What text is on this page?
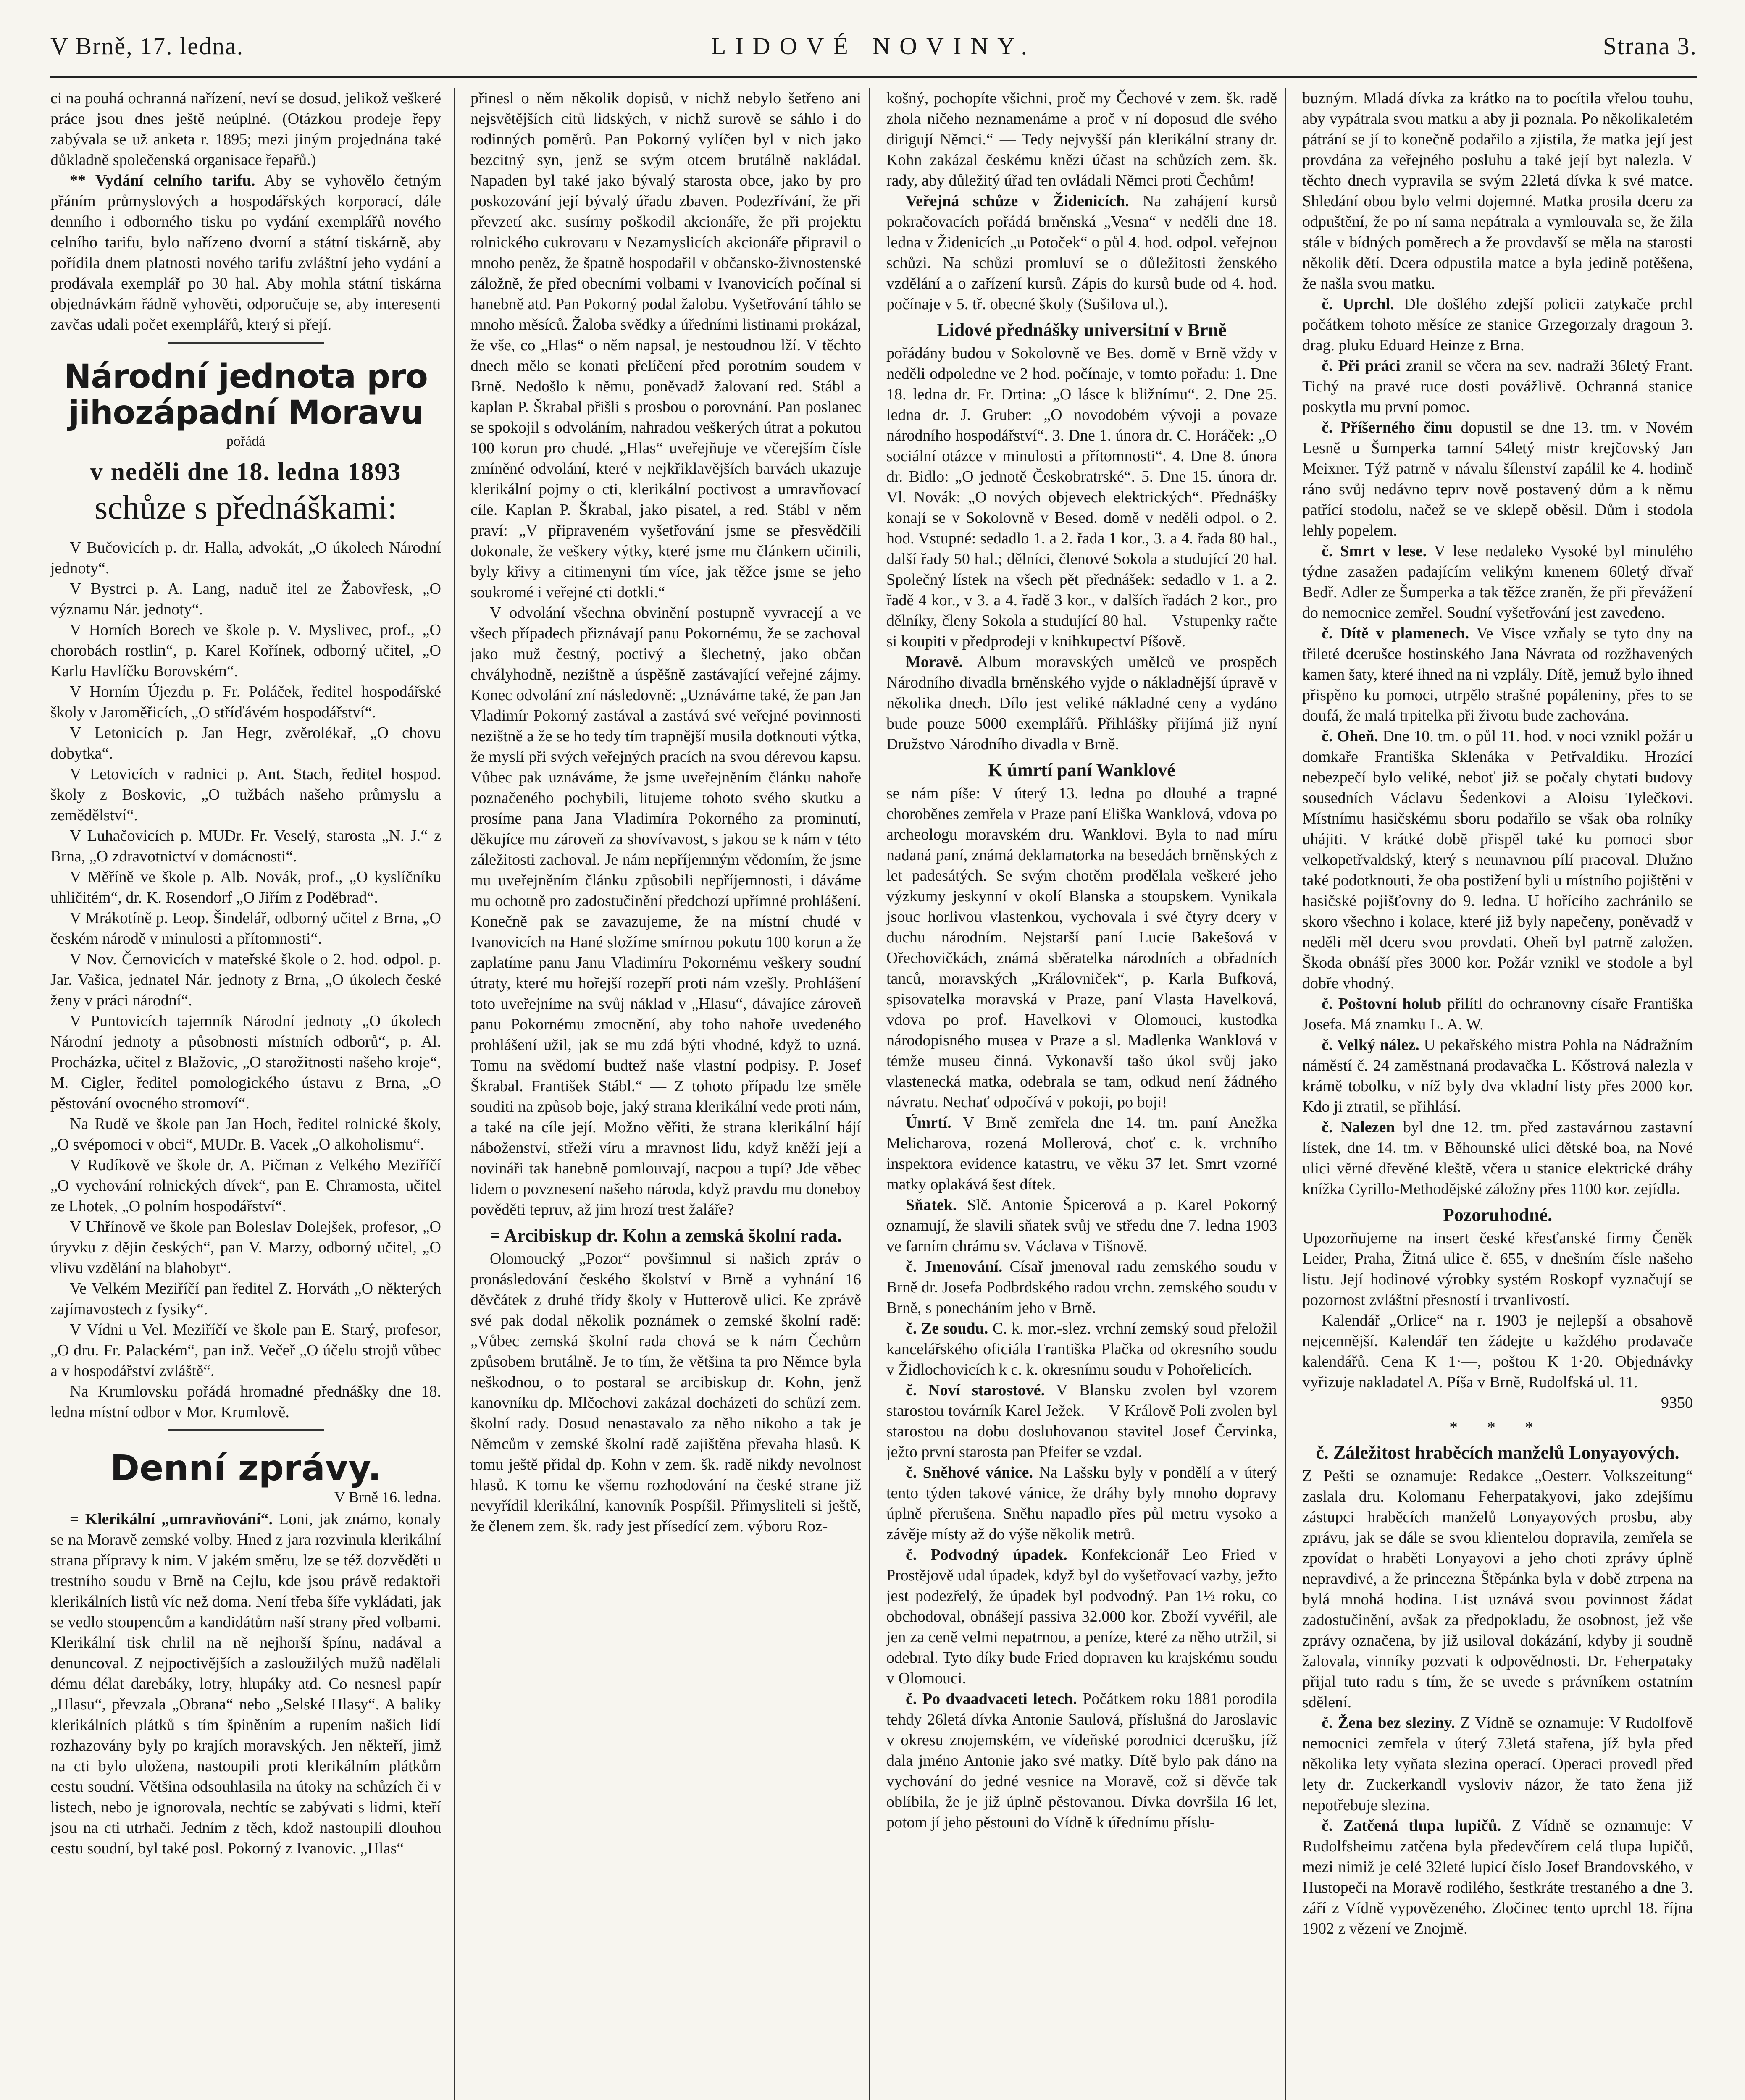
V Brně, 17. ledna.	LIDOVÉ NOVINY.	Strana 3.

ci na pouhá ochranná nařízení, neví se dosud, jelikož veškeré práce jsou dnes ještě neúplné. (Otázkou prodeje řepy zabývala se už anketa r. 1895; mezi jiným projednána také důkladně společenská organisace řepařů.)

** Vydání celního tarifu. Aby se vyhovělo četným přáním průmyslových a hospodářských korporací, dále denního i odborného tisku po vydání exemplářů nového celního tarifu, bylo nařízeno dvorní a státní tiskárně, aby pořídila dnem platnosti nového tarifu zvláštní jeho vydání a prodávala exemplář po 30 hal. Aby mohla státní tiskárna objednávkám řádně vyhověti, odporučuje se, aby interesenti zavčas udali počet exemplářů, který si přejí.

Národní jednota pro jihozápadní Moravu
pořádá
v neděli dne 18. ledna 1893
schůze s přednáškami:

V Bučovicích p. dr. Halla, advokát, „O úkolech Národní jednoty“.

V Bystrci p. A. Lang, naduč itel ze Žabovřesk, „O významu Nár. jednoty“.

V Horních Borech ve škole p. V. Myslivec, prof., „O chorobách rostlin“, p. Karel Kořínek, odborný učitel, „O Karlu Havlíčku Borovském“.

V Horním Újezdu p. Fr. Poláček, ředitel hospodářské školy v Jaroměřicích, „O stříďávém hospodářství“.

V Letonicích p. Jan Hegr, zvěrolékař, „O chovu dobytka“.

V Letovicích v radnici p. Ant. Stach, ředitel hospod. školy z Boskovic, „O tužbách našeho průmyslu a zemědělství“.

V Luhačovicích p. MUDr. Fr. Veselý, starosta „N. J.“ z Brna, „O zdravotnictví v domácnosti“.

V Měříně ve škole p. Alb. Novák, prof., „O kyslíčníku uhličitém“, dr. K. Rosendorf „O Jiřím z Poděbrad“.

V Mrákotíně p. Leop. Šindelář, odborný učitel z Brna, „O českém národě v minulosti a přítomnosti“.

V Nov. Černovicích v mateřské škole o 2. hod. odpol. p. Jar. Vašica, jednatel Nár. jednoty z Brna, „O úkolech české ženy v práci národní“.

V Puntovicích tajemník Národní jednoty „O úkolech Národní jednoty a působnosti místních odborů“, p. Al. Procházka, učitel z Blažovic, „O starožitnosti našeho kroje“, M. Cigler, ředitel pomologického ústavu z Brna, „O pěstování ovocného stromoví“.

Na Rudě ve škole pan Jan Hoch, ředitel rolnické školy, „O svépomoci v obci“, MUDr. B. Vacek „O alkoholismu“.

V Rudíkově ve škole dr. A. Pičman z Velkého Meziříčí „O vychování rolnických dívek“, pan E. Chramosta, učitel ze Lhotek, „O polním hospodářství“.

V Uhřínově ve škole pan Boleslav Dolejšek, profesor, „O úryvku z dějin českých“, pan V. Marzy, odborný učitel, „O vlivu vzdělání na blahobyt“.

Ve Velkém Meziříčí pan ředitel Z. Horváth „O některých zajímavostech z fysiky“.

V Vídni u Vel. Meziříčí ve škole pan E. Starý, profesor, „O dru. Fr. Palackém“, pan inž. Večeř „O účelu strojů vůbec a v hospodářství zvláště“.

Na Krumlovsku pořádá hromadné přednášky dne 18. ledna místní odbor v Mor. Krumlově.

Denní zprávy.
V Brně 16. ledna.

= Klerikální „umravňování“. Loni, jak známo, konaly se na Moravě zemské volby. Hned z jara rozvinula klerikální strana přípravy k nim. V jakém směru, lze se též dozvěděti u trestního soudu v Brně na Cejlu, kde jsou právě redaktoři klerikálních listů víc než doma. Není třeba šíře vykládati, jak se vedlo stoupencům a kandidátům naší strany před volbami. Klerikální tisk chrlil na ně nejhorší špínu, nadával a denuncoval. Z nejpoctivějších a zasloužilých mužů nadělali dému délat darebáky, lotry, hlupáky atd. Co nesnesl papír „Hlasu“, převzala „Obrana“ nebo „Selské Hlasy“. A baliky klerikálních plátků s tím špiněním a rupením našich lidí rozhazovány byly po krajích moravských. Jen někteří, jimž na cti bylo uložena, nastoupili proti klerikálním plátkům cestu soudní. Většina odsouhlasila na útoky na schůzích či v listech, nebo je ignorovala, nechtíc se zabývati s lidmi, kteří jsou na cti utrhači. Jedním z těch, kdož nastoupili dlouhou cestu soudní, byl také posl. Pokorný z Ivanovic. „Hlas“

přinesl o něm několik dopisů, v nichž nebylo šetřeno ani nejsvětějších citů lidských, v nichž surově se sáhlo i do rodinných poměrů. Pan Pokorný vylíčen byl v nich jako bezcitný syn, jenž se svým otcem brutálně nakládal. Napaden byl také jako bývalý starosta obce, jako by pro poskozování její bývalý úřadu zbaven. Podezřívání, že při převzetí akc. susírny poškodil akcionáře, že při projektu rolnického cukrovaru v Nezamyslicích akcionáře připravil o mnoho peněz, že špatně hospodařil v občansko-živnostenské záložně, že před obecními volbami v Ivanovicích počínal si hanebně atd. Pan Pokorný podal žalobu. Vyšetřování táhlo se mnoho měsíců. Žaloba svědky a úředními listinami prokázal, že vše, co „Hlas“ o něm napsal, je nestoudnou lží. V těchto dnech mělo se konati přelíčení před porotním soudem v Brně. Nedošlo k němu, poněvadž žalovaní red. Stábl a kaplan P. Škrabal přišli s prosbou o porovnání. Pan poslanec se spokojil s odvoláním, nahradou veškerých útrat a pokutou 100 korun pro chudé. „Hlas“ uveřejňuje ve včerejším čísle zmíněné odvolání, které v nejkřiklavějších barvách ukazuje klerikální pojmy o cti, klerikální poctivost a umravňovací cíle. Kaplan P. Škrabal, jako pisatel, a red. Stábl v něm praví: „V připraveném vyšetřování jsme se přesvědčili dokonale, že veškery výtky, které jsme mu článkem učinili, byly křivy a citimenyni tím více, jak těžce jsme se jeho soukromé i veřejné cti dotkli.“

V odvolání všechna obvinění postupně vyvracejí a ve všech případech přiznávají panu Pokornému, že se zachoval jako muž čestný, poctivý a šlechetný, jako občan chvályhodně, nezištně a úspěšně zastávající veřejné zájmy. Konec odvolání zní následovně: „Uznáváme také, že pan Jan Vladimír Pokorný zastával a zastává své veřejné povinnosti nezištně a že se ho tedy tím trapnější musila dotknouti výtka, že myslí při svých veřejných pracích na svou dérevou kapsu. Vůbec pak uznáváme, že jsme uveřejněním článku nahoře poznačeného pochybili, litujeme tohoto svého skutku a prosíme pana Jana Vladimíra Pokorného za prominutí, děkujíce mu zároveň za shovívavost, s jakou se k nám v této záležitosti zachoval. Je nám nepříjemným vědomím, že jsme mu uveřejněním článku způsobili nepříjemnosti, i dáváme mu ochotně pro zadostučinění předchozí upřímné prohlášení. Konečně pak se zavazujeme, že na místní chudé v Ivanovicích na Hané složíme smírnou pokutu 100 korun a že zaplatíme panu Janu Vladimíru Pokornému veškery soudní útraty, které mu hořejší rozepří proti nám vzešly. Prohlášení toto uveřejníme na svůj náklad v „Hlasu“, dávajíce zároveň panu Pokornému zmocnění, aby toho nahoře uvedeného prohlášení užil, jak se mu zdá býti vhodné, když to uzná. Tomu na svědomí budtež naše vlastní podpisy. P. Josef Škrabal. František Stábl.“ — Z tohoto případu lze směle souditi na způsob boje, jaký strana klerikální vede proti nám, a také na cíle její. Možno věřiti, že strana klerikální hájí náboženství, střeží víru a mravnost lidu, když kněží její a novináři tak hanebně pomlouvají, nacpou a tupí? Jde věbec lidem o povznesení našeho národa, když pravdu mu doneboy pověděti tepruv, až jim hrozí trest žaláře?

= Arcibiskup dr. Kohn a zemská školní rada.

Olomoucký „Pozor“ povšimnul si našich zpráv o pronásledování českého školství v Brně a vyhnání 16 děvčátek z druhé třídy školy v Hutterově ulici. Ke zprávě své pak dodal několik poznámek o zemské školní radě: „Vůbec zemská školní rada chová se k nám Čechům způsobem brutálně. Je to tím, že většina ta pro Němce byla neškodnou, o to postaral se arcibiskup dr. Kohn, jenž kanovníku dp. Mlčochovi zakázal docházeti do schůzí zem. školní rady. Dosud nenastavalo za něho nikoho a tak je Němcům v zemské školní radě zajištěna převaha hlasů. K tomu ještě přidal dp. Kohn v zem. šk. radě nikdy nevolnost hlasů. K tomu ke všemu rozhodování na české strane již nevyřídil klerikální, kanovník Pospíšil. Přimysliteli si ještě, že členem zem. šk. rady jest přísedící zem. výboru Roz-

košný, pochopíte všichni, proč my Čechové v zem. šk. radě zhola ničeho neznamenáme a proč v ní doposud dle svého dirigují Němci.“ — Tedy nejvyšší pán klerikální strany dr. Kohn zakázal českému knězi účast na schůzích zem. šk. rady, aby důležitý úřad ten ovládali Němci proti Čechům!

Veřejná schůze v Židenicích. Na zahájení kursů pokračovacích pořádá brněnská „Vesna“ v neděli dne 18. ledna v Židenicích „u Potoček“ o půl 4. hod. odpol. veřejnou schůzi. Na schůzi promluví se o důležitosti ženského vzdělání a o zařízení kursů. Zápis do kursů bude od 4. hod. počínaje v 5. tř. obecné školy (Sušilova ul.).

Lidové přednášky universitní v Brně

pořádány budou v Sokolovně ve Bes. domě v Brně vždy v neděli odpoledne ve 2 hod. počínaje, v tomto pořadu: 1. Dne 18. ledna dr. Fr. Drtina: „O lásce k bližnímu“. 2. Dne 25. ledna dr. J. Gruber: „O novodobém vývoji a povaze národního hospodářství“. 3. Dne 1. února dr. C. Horáček: „O sociální otázce v minulosti a přítomnosti“. 4. Dne 8. února dr. Bidlo: „O jednotě Českobratrské“. 5. Dne 15. února dr. Vl. Novák: „O nových objevech elektrických“. Přednášky konají se v Sokolovně v Besed. domě v neděli odpol. o 2. hod. Vstupné: sedadlo 1. a 2. řada 1 kor., 3. a 4. řada 80 hal., další řady 50 hal.; dělníci, členové Sokola a studující 20 hal. Společný lístek na všech pět přednášek: sedadlo v 1. a 2. řadě 4 kor., v 3. a 4. řadě 3 kor., v dalších řadách 2 kor., pro dělníky, členy Sokola a studující 80 hal. — Vstupenky račte si koupiti v předprodeji v knihkupectví Píšově.

Moravě. Album moravských umělců ve prospěch Národního divadla brněnského vyjde o nákladnější úpravě v několika dnech. Dílo jest veliké nákladné ceny a vydáno bude pouze 5000 exemplářů. Přihlášky přijímá již nyní Družstvo Národního divadla v Brně.

K úmrtí paní Wanklové

se nám píše: V úterý 13. ledna po dlouhé a trapné choroběnes zemřela v Praze paní Eliška Wanklová, vdova po archeologu moravském dru. Wanklovi. Byla to nad míru nadaná paní, známá deklamatorka na besedách brněnských z let padesátých. Se svým chotěm prodělala veškeré jeho výzkumy jeskynní v okolí Blanska a stoupskem. Vynikala jsouc horlivou vlastenkou, vychovala i své čtyry dcery v duchu národním. Nejstarší paní Lucie Bakešová v Ořechovičkách, známá sběratelka národních a obřadních tanců, moravských „Královniček“, p. Karla Bufková, spisovatelka moravská v Praze, paní Vlasta Havelková, vdova po prof. Havelkovi v Olomouci, kustodka národopisného musea v Praze a sl. Madlenka Wanklová v témže museu činná. Vykonavší tašo úkol svůj jako vlastenecká matka, odebrala se tam, odkud není žádného návratu. Nechať odpočívá v pokoji, po boji!

Úmrtí. V Brně zemřela dne 14. tm. paní Anežka Melicharova, rozená Mollerová, choť c. k. vrchního inspektora evidence katastru, ve věku 37 let. Smrt vzorné matky oplakává šest dítek.

Sňatek. Slč. Antonie Špicerová a p. Karel Pokorný oznamují, že slavili sňatek svůj ve středu dne 7. ledna 1903 ve farním chrámu sv. Václava v Tišnově.

č. Jmenování. Císař jmenoval radu zemského soudu v Brně dr. Josefa Podbrdského radou vrchn. zemského soudu v Brně, s ponecháním jeho v Brně.

č. Ze soudu. C. k. mor.-slez. vrchní zemský soud přeložil kancelářského oficiála Františka Plačka od okresního soudu v Židlochovicích k c. k. okresnímu soudu v Pohořelicích.

č. Noví starostové. V Blansku zvolen byl vzorem starostou továrník Karel Ježek. — V Králově Poli zvolen byl starostou na dobu dosluhovanou stavitel Josef Červinka, ježto první starosta pan Pfeifer se vzdal.

č. Sněhové vánice. Na Lašsku byly v pondělí a v úterý tento týden takové vánice, že dráhy byly mnoho dopravy úplně přerušena. Sněhu napadlo přes půl metru vysoko a závěje místy až do výše několik metrů.

č. Podvodný úpadek. Konfekcionář Leo Fried v Prostějově udal úpadek, když byl do vyšetřovací vazby, ježto jest podezřelý, že úpadek byl podvodný. Pan 1½ roku, co obchodoval, obnášejí passiva 32.000 kor. Zboží vyvéřil, ale jen za ceně velmi nepatrnou, a peníze, které za něho utržil, si odebral. Tyto díky bude Fried dopraven ku krajskému soudu v Olomouci.

č. Po dvaadvaceti letech. Počátkem roku 1881 porodila tehdy 26letá dívka Antonie Saulová, příslušná do Jaroslavic v okresu znojemském, ve vídeňské porodnici dcerušku, jíž dala jméno Antonie jako své matky. Dítě bylo pak dáno na vychování do jedné vesnice na Moravě, což si děvče tak oblíbila, že je již úplně pěstovanou. Dívka dovršila 16 let, potom jí jeho pěstouni do Vídně k úřednímu příslu-

buzným. Mladá dívka za krátko na to pocítila vřelou touhu, aby vypátrala svou matku a aby ji poznala. Po několikaletém pátrání se jí to konečně podařilo a zjistila, že matka její jest provdána za veřejného posluhu a také její byt nalezla. V těchto dnech vypravila se svým 22letá dívka k své matce. Shledání obou bylo velmi dojemné. Matka prosila dceru za odpuštění, že po ní sama nepátrala a vymlouvala se, že žila stále v bídných poměrech a že provdavší se měla na starosti několik dětí. Dcera odpustila matce a byla jedině potěšena, že našla svou matku.

č. Uprchl. Dle došlého zdejší policii zatykače prchl počátkem tohoto měsíce ze stanice Grzegorzaly dragoun 3. drag. pluku Eduard Heinze z Brna.

č. Při práci zranil se včera na sev. nadraží 36letý Frant. Tichý na pravé ruce dosti povážlivě. Ochranná stanice poskytla mu první pomoc.

č. Příšerného činu dopustil se dne 13. tm. v Novém Lesně u Šumperka tamní 54letý mistr krejčovský Jan Meixner. Týž patrně v návalu šílenství zapálil ke 4. hodině ráno svůj nedávno teprv nově postavený dům a k němu patřící stodolu, načež se ve sklepě oběsil. Dům i stodola lehly popelem.

č. Smrt v lese. V lese nedaleko Vysoké byl minulého týdne zasažen padajícím velikým kmenem 60letý dřvař Bedř. Adler ze Šumperka a tak těžce zraněn, že při převážení do nemocnice zemřel. Soudní vyšetřování jest zavedeno.

č. Dítě v plamenech. Ve Visce vzňaly se tyto dny na třileté dcerušce hostinského Jana Návrata od rozžhavených kamen šaty, které ihned na ni vzplály. Dítě, jemuž bylo ihned přispěno ku pomoci, utrpělo strašné popáleniny, přes to se doufá, že malá trpitelka při životu bude zachována.

č. Oheň. Dne 10. tm. o půl 11. hod. v noci vznikl požár u domkaře Františka Sklenáka v Petřvaldiku. Hrozící nebezpečí bylo veliké, neboť již se počaly chytati budovy sousedních Václavu Šedenkovi a Aloisu Tylečkovi. Místnímu hasičskému sboru podařilo se však oba rolníky uhájiti. V krátké době přispěl také ku pomoci sbor velkopetřvaldský, který s neunavnou pílí pracoval. Dlužno také podotknouti, že oba postižení byli u místního pojištěni v hasičské pojišťovny do 9. ledna. U hořícího zachránilo se skoro všechno i kolace, které již byly napečeny, poněvadž v neděli měl dceru svou provdati. Oheň byl patrně založen. Škoda obnáší přes 3000 kor. Požár vznikl ve stodole a byl dobře vhodný.

č. Poštovní holub přilítl do ochranovny císaře Františka Josefa. Má znamku L. A. W.

č. Velký nález. U pekařského mistra Pohla na Nádražním náměstí č. 24 zaměstnaná prodavačka L. Kőstrová nalezla v krámě tobolku, v níž byly dva vkladní listy přes 2000 kor. Kdo ji ztratil, se přihlásí.

č. Nalezen byl dne 12. tm. před zastavárnou zastavní lístek, dne 14. tm. v Běhounské ulici dětské boa, na Nové ulici věrné dřevěné kleště, včera u stanice elektrické dráhy knížka Cyrillo-Methodějské záložny přes 1100 kor. zejídla.

Pozoruhodné.

Upozorňujeme na insert české křesťanské firmy Čeněk Leider, Praha, Žitná ulice č. 655, v dnešním čísle našeho listu. Její hodinové výrobky systém Roskopf vyznačují se pozornost zvláštní přesností i trvanlivostí.

Kalendář „Orlice“ na r. 1903 je nejlepší a obsahově nejcennější. Kalendář ten žádejte u každého prodavače kalendářů. Cena K 1·—, poštou K 1·20. Objednávky vyřizuje nakladatel A. Píša v Brně, Rudolfská ul. 11.

9350

* * *
č. Záležitost hraběcích manželů Lonyayových.

Z Pešti se oznamuje: Redakce „Oesterr. Volkszeitung“ zaslala dru. Kolomanu Feherpatakyovi, jako zdejšímu zástupci hraběcích manželů Lonyayových prosbu, aby zprávu, jak se dále se svou klientelou dopravila, zemřela se zpovídat o hraběti Lonyayovi a jeho choti zprávy úplně nepravdivé, a že princezna Štěpánka byla v době ztrpena na bylá mnohá hodina. List uznává svou povinnost žádat zadostučinění, avšak za předpokladu, že osobnost, jež vše zprávy označena, by již usiloval dokázání, kdyby ji soudně žalovala, vinníky pozvati k odpovědnosti. Dr. Feherpataky přijal tuto radu s tím, že se uvede s právníkem ostatním sdělení.

č. Žena bez sleziny. Z Vídně se oznamuje: V Rudolfově nemocnici zemřela v úterý 73letá stařena, jíž byla před několika lety vyňata slezina operací. Operaci provedl před lety dr. Zuckerkandl vysloviv názor, že tato žena již nepotřebuje slezina.

č. Zatčená tlupa lupičů. Z Vídně se oznamuje: V Rudolfsheimu zatčena byla předevčírem celá tlupa lupičů, mezi nimiž je celé 32leté lupicí číslo Josef Brandovského, v Hustopeči na Moravě rodilého, šestkráte trestaného a dne 3. září z Vídně vypovězeného. Zločinec tento uprchl 18. října 1902 z vězení ve Znojmě.
